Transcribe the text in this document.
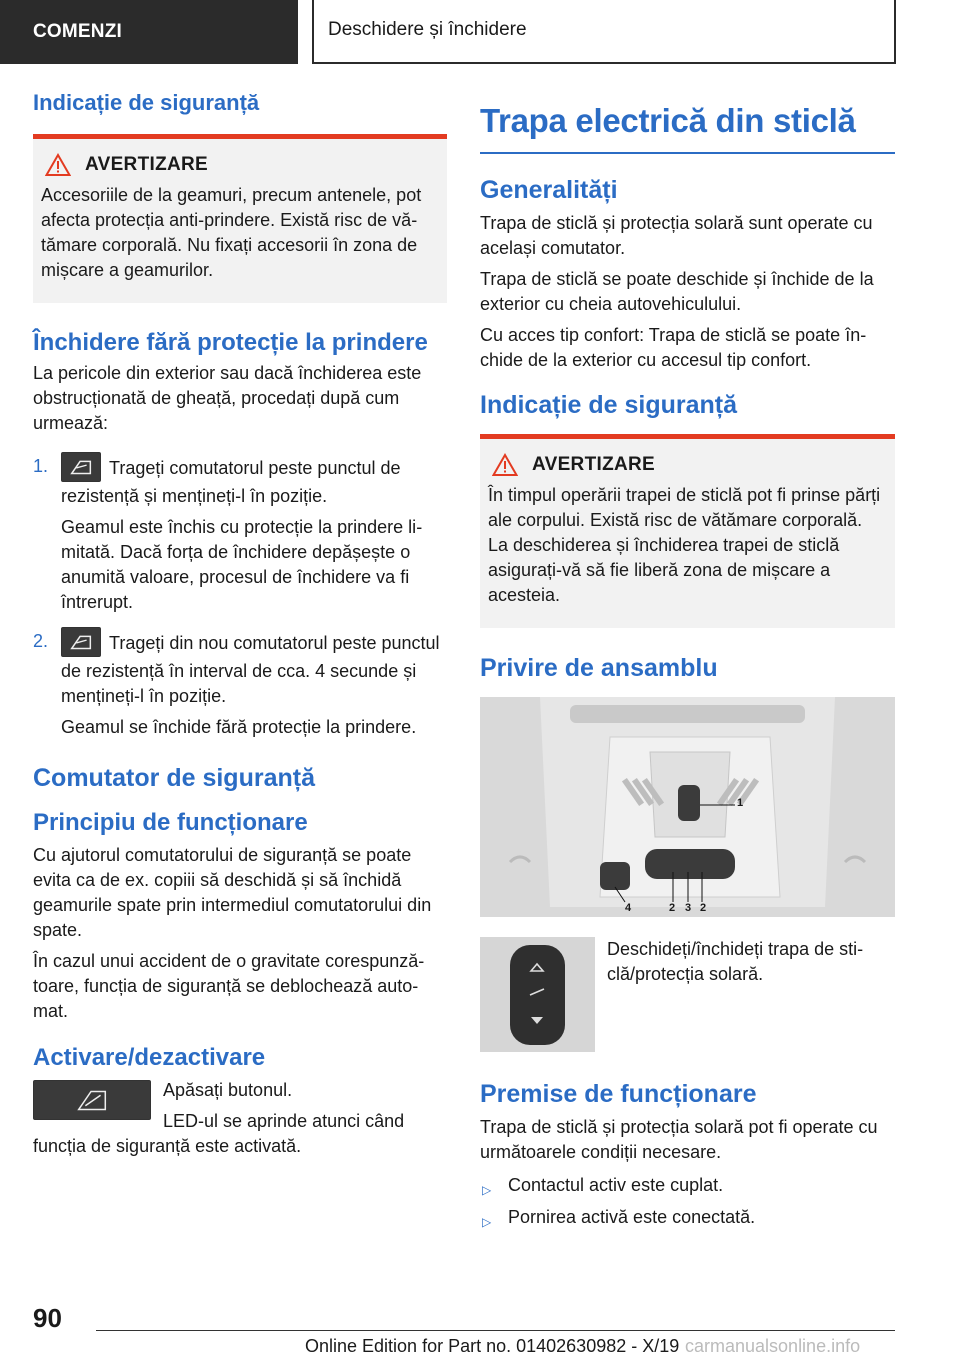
COMENZI	Deschidere și închidere
Indicație de siguranță
AVERTIZARE
Accesoriile de la geamuri, precum antenele, pot afecta protecția anti-prindere. Există risc de vătămare corporală. Nu fixați accesorii în zona de mișcare a geamurilor.
Închidere fără protecție la prindere

La pericole din exterior sau dacă închiderea este obstrucționată de gheață, procedați după cum urmează:

1.	Trageți comutatorul peste punctul de rezistență și mențineți-l în poziție.

Geamul este închis cu protecție la prindere limitată. Dacă forța de închidere depășește o anumită valoare, procesul de închidere va fi întrerupt.

2.	Trageți din nou comutatorul peste punctul de rezistență în interval de cca. 4 secunde și mențineți-l în poziție.

Geamul se închide fără protecție la prindere.

Comutator de siguranță
Principiu de funcționare

Cu ajutorul comutatorului de siguranță se poate evita ca de ex. copiii să deschidă și să închidă geamurile spate prin intermediul comutatorului din spate.

În cazul unui accident de o gravitate corespunzătoare, funcția de siguranță se deblochează automat.

Activare/dezactivare

Apăsați butonul.

LED-ul se aprinde atunci când funcția de siguranță este activată.

Trapa electrică din sticlă
Generalități

Trapa de sticlă și protecția solară sunt operate cu același comutator.

Trapa de sticlă se poate deschide și închide de la exterior cu cheia autovehiculului.

Cu acces tip confort: Trapa de sticlă se poate închide de la exterior cu accesul tip confort.

Indicație de siguranță
AVERTIZARE
În timpul operării trapei de sticlă pot fi prinse părți ale corpului. Există risc de vătămare corporală. La deschiderea și închiderea trapei de sticlă asigurați-vă să fie liberă zona de mișcare a acesteia.
Privire de ansamblu
1
2 3 2
4
Deschideți/închideți trapa de sticlă/protecția solară.
Premise de funcționare

Trapa de sticlă și protecția solară pot fi operate cu următoarele condiții necesare.

▷ Contactul activ este cuplat.
▷ Pornirea activă este conectată.
90
Online Edition for Part no. 01402630982 - X/19 carmanualsonline.info
